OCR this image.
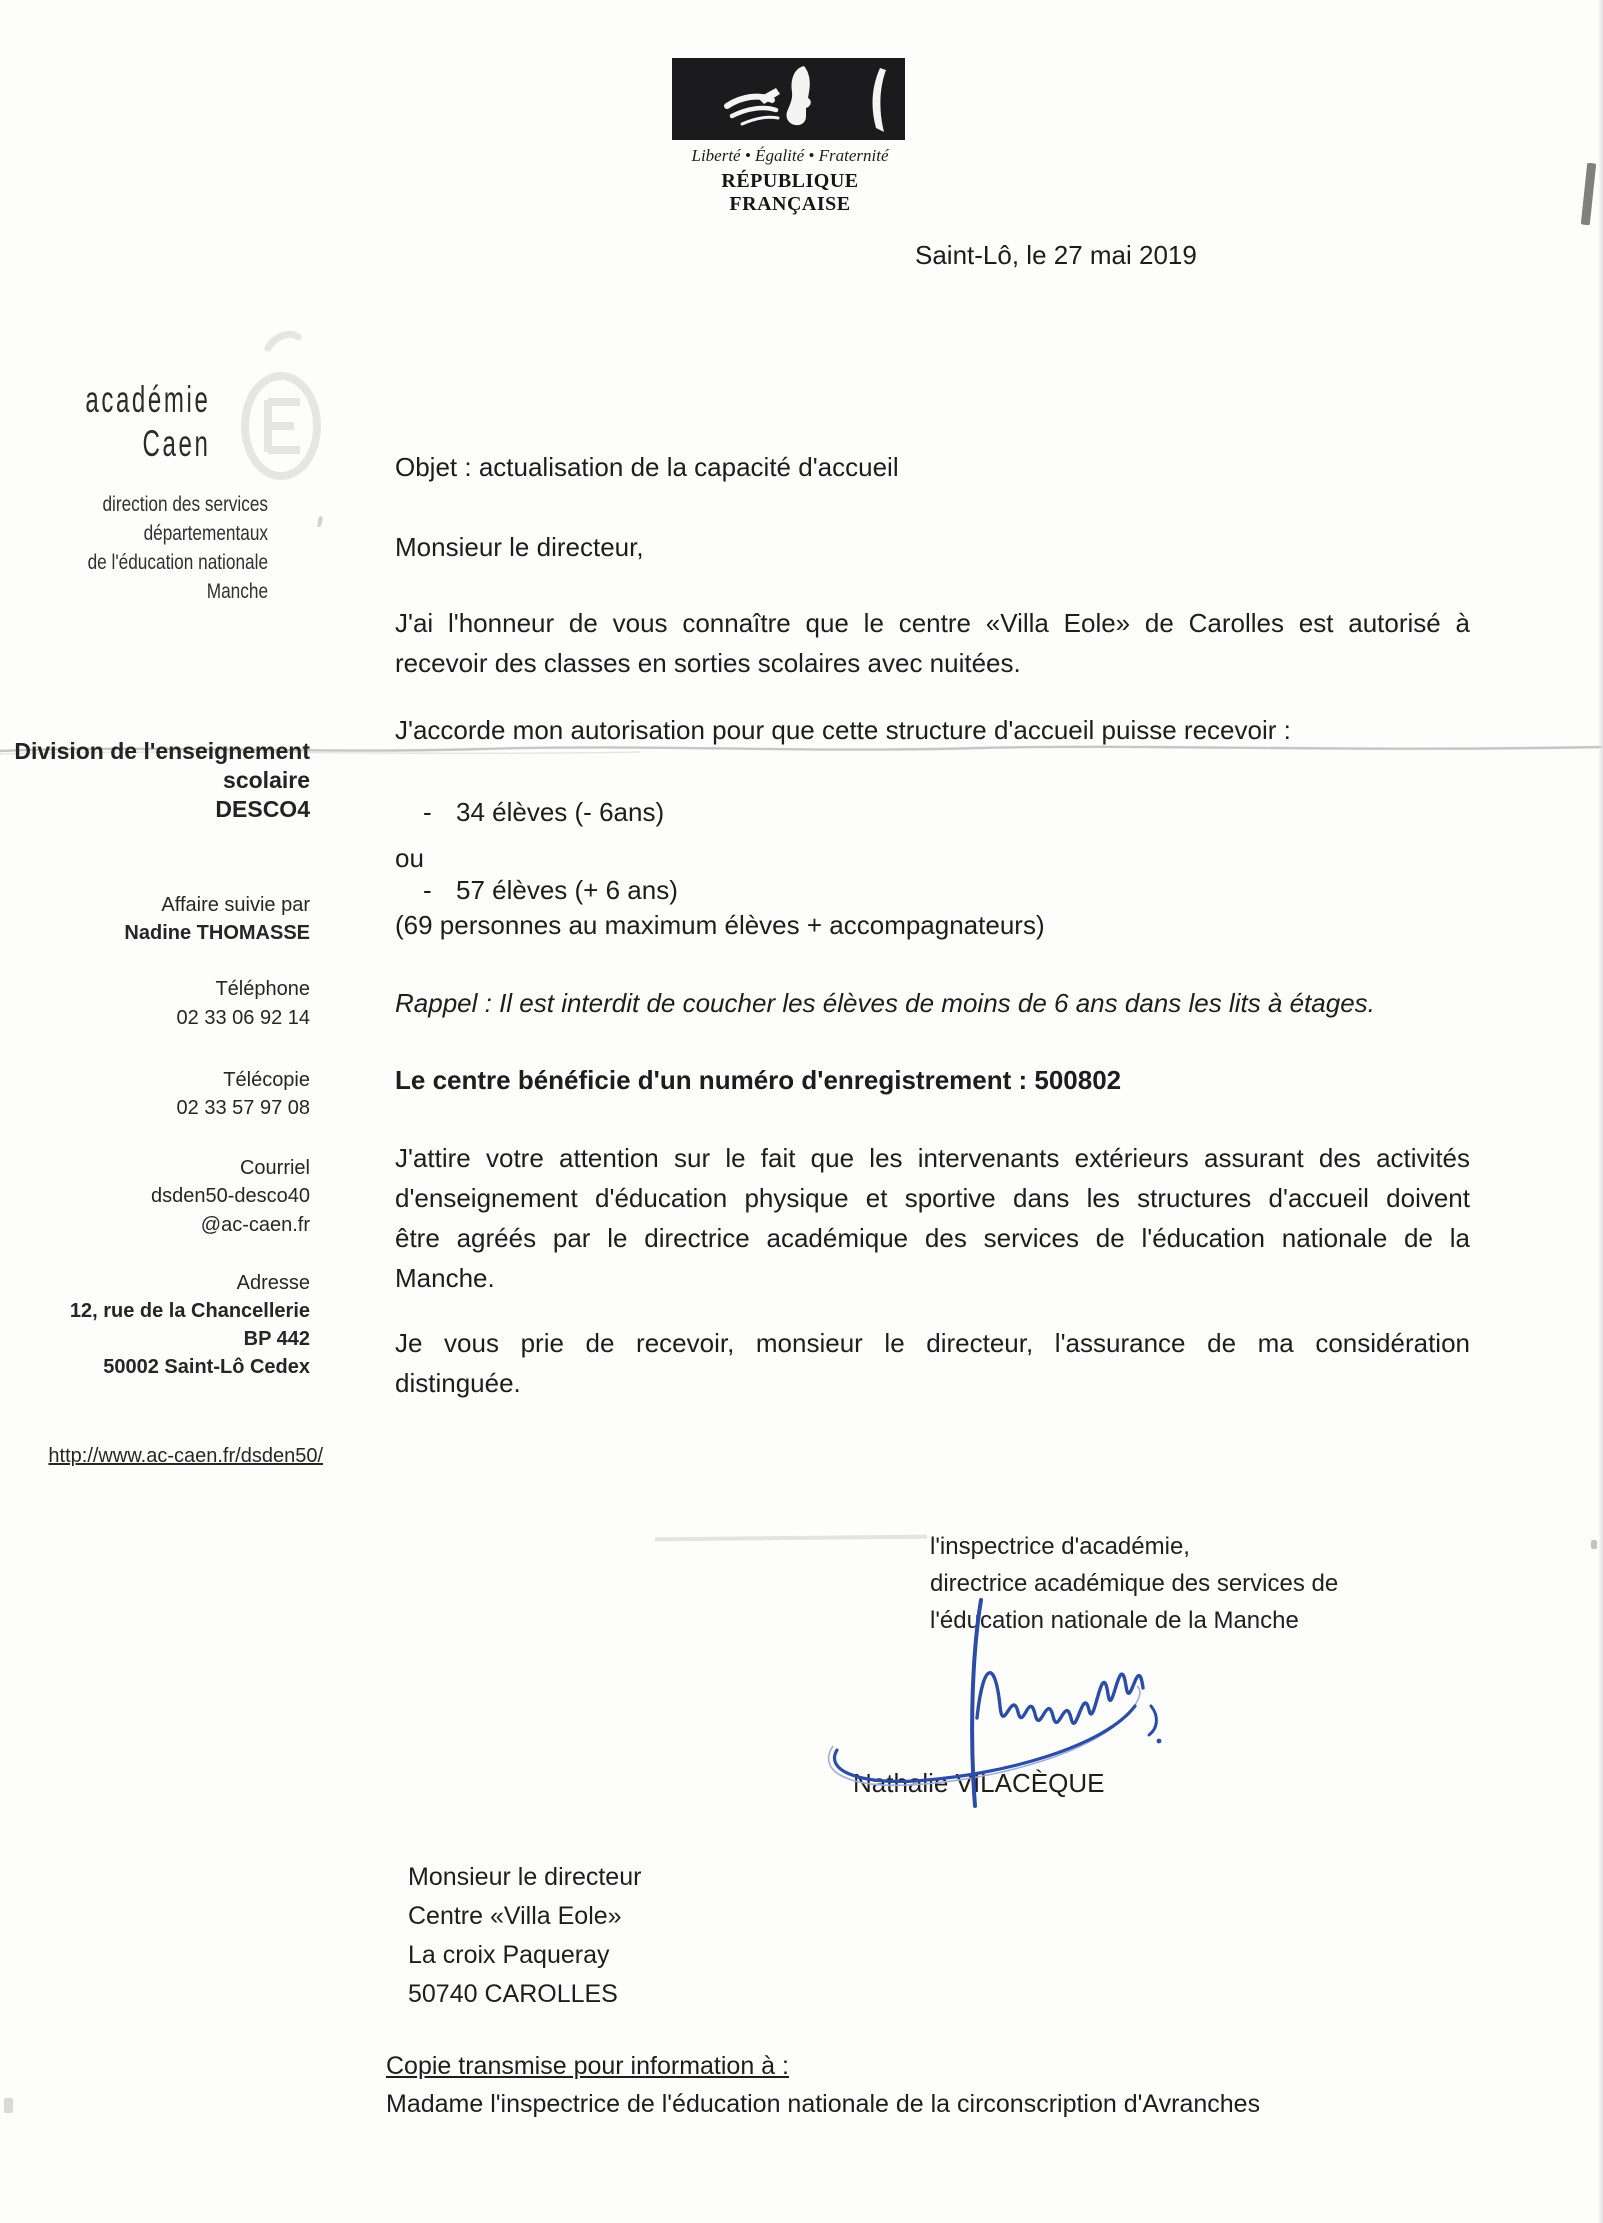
Liberté • Égalité • Fraternité
RÉPUBLIQUE FRANÇAISE
Saint-Lô, le 27 mai 2019
académie
Caen
direction des services
départementaux
de l'éducation nationale
Manche
Division de l'enseignement
scolaire
DESCO4
Affaire suivie par
Nadine THOMASSE
Téléphone
02 33 06 92 14
Télécopie
02 33 57 97 08
Courriel
dsden50-desco40
@ac-caen.fr
Adresse
12, rue de la Chancellerie
BP 442
50002 Saint-Lô Cedex
http://www.ac-caen.fr/dsden50/
Objet : actualisation de la capacité d'accueil
Monsieur le directeur,
J'ai l'honneur de vous connaître que le centre «Villa Eole» de Carolles est autorisé à
recevoir des classes en sorties scolaires avec nuitées.
J'accorde mon autorisation pour que cette structure d'accueil puisse recevoir :
- 34 élèves (- 6ans)
ou
- 57 élèves (+ 6 ans)
(69 personnes au maximum élèves + accompagnateurs)
Rappel : Il est interdit de coucher les élèves de moins de 6 ans dans les lits à étages.
Le centre bénéficie d'un numéro d'enregistrement : 500802
J'attire votre attention sur le fait que les intervenants extérieurs assurant des activités
d'enseignement d'éducation physique et sportive dans les structures d'accueil doivent
être agréés par le directrice académique des services de l'éducation nationale de la
Manche.
Je vous prie de recevoir, monsieur le directeur, l'assurance de ma considération
distinguée.
l'inspectrice d'académie,
directrice académique des services de
l'éducation nationale de la Manche
Nathalie VILACÈQUE
Monsieur le directeur
Centre «Villa Eole»
La croix Paqueray
50740 CAROLLES
Copie transmise pour information à :
Madame l'inspectrice de l'éducation nationale de la circonscription d'Avranches
